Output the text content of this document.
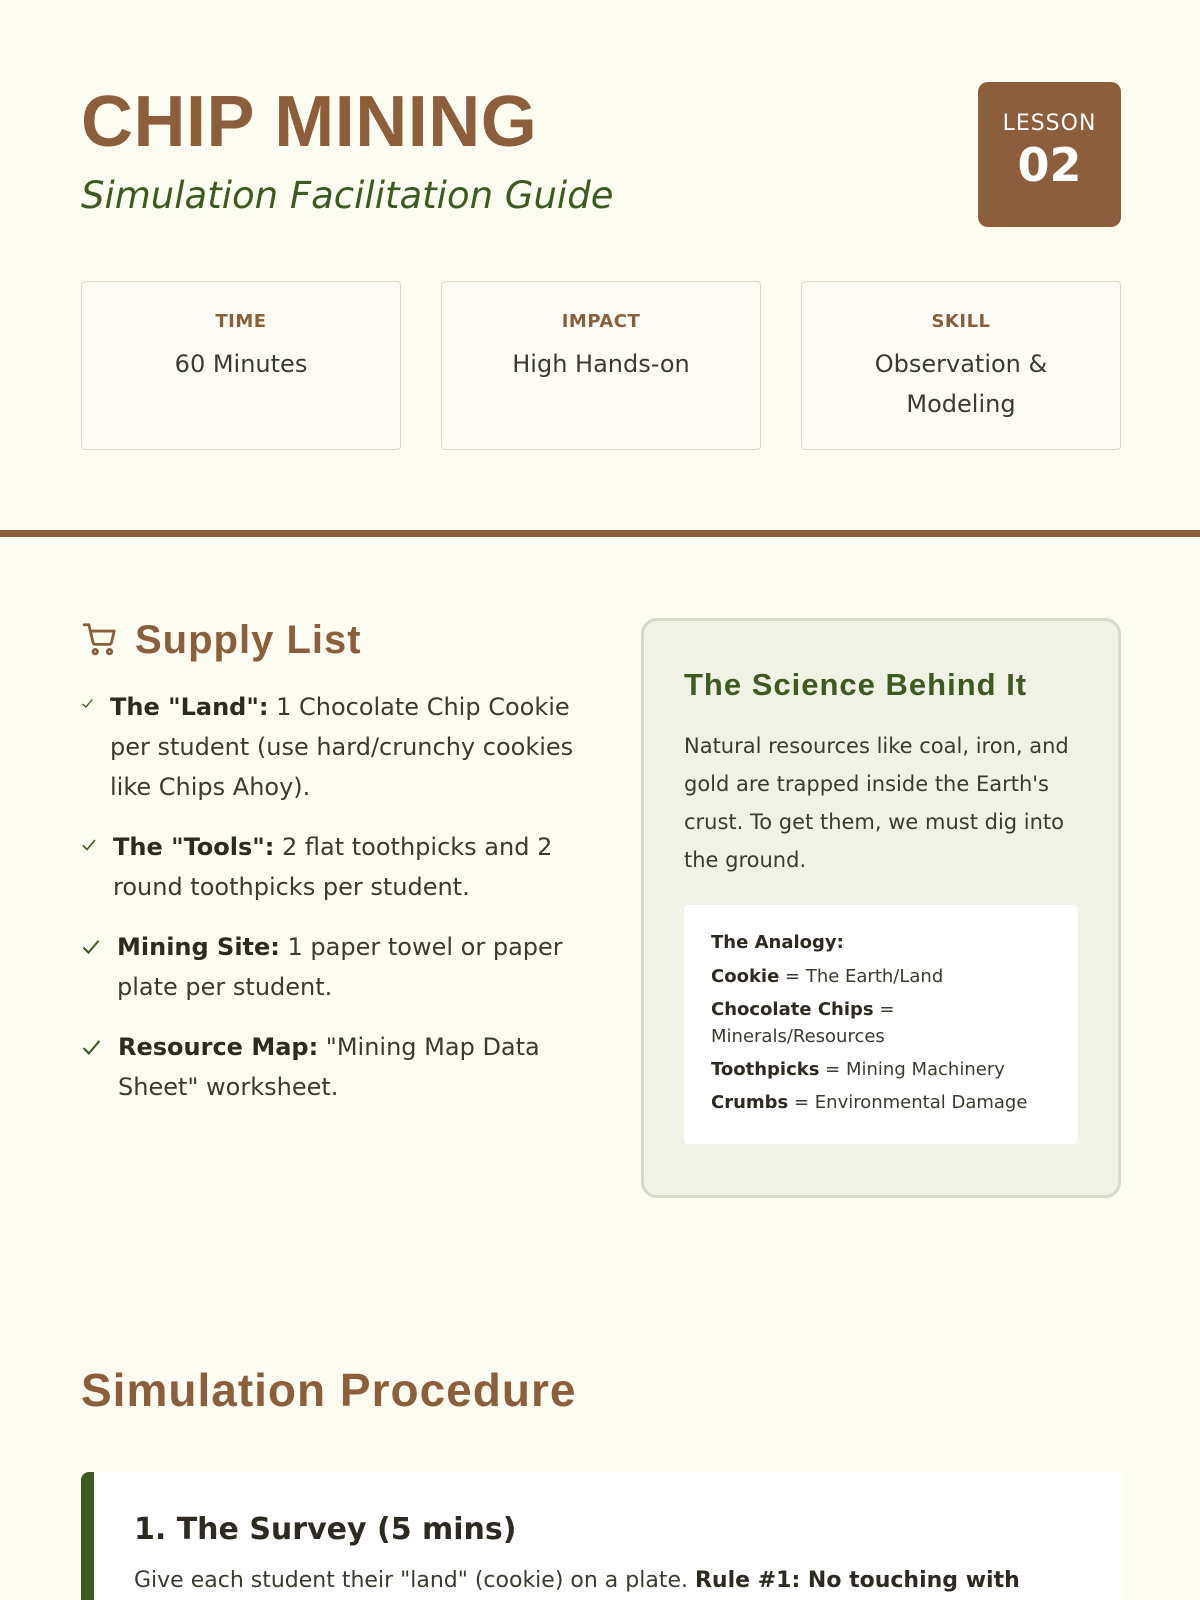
CHIP MINING
Simulation Facilitation Guide
LESSON
02
TIME
60 Minutes
IMPACT
High Hands-on
SKILL
Observation & Modeling
Supply List
The "Land": 1 Chocolate Chip Cookie per student (use hard/crunchy cookies like Chips Ahoy).
The "Tools": 2 flat toothpicks and 2 round toothpicks per student.
Mining Site: 1 paper towel or paper plate per student.
Resource Map: "Mining Map Data Sheet" worksheet.
The Science Behind It
Natural resources like coal, iron, and gold are trapped inside the Earth's crust. To get them, we must dig into the ground.
The Analogy:
Cookie = The Earth/Land
Chocolate Chips = Minerals/Resources
Toothpicks = Mining Machinery
Crumbs = Environmental Damage
Simulation Procedure
1. The Survey (5 mins)
Give each student their "land" (cookie) on a plate. Rule #1: No touching with
